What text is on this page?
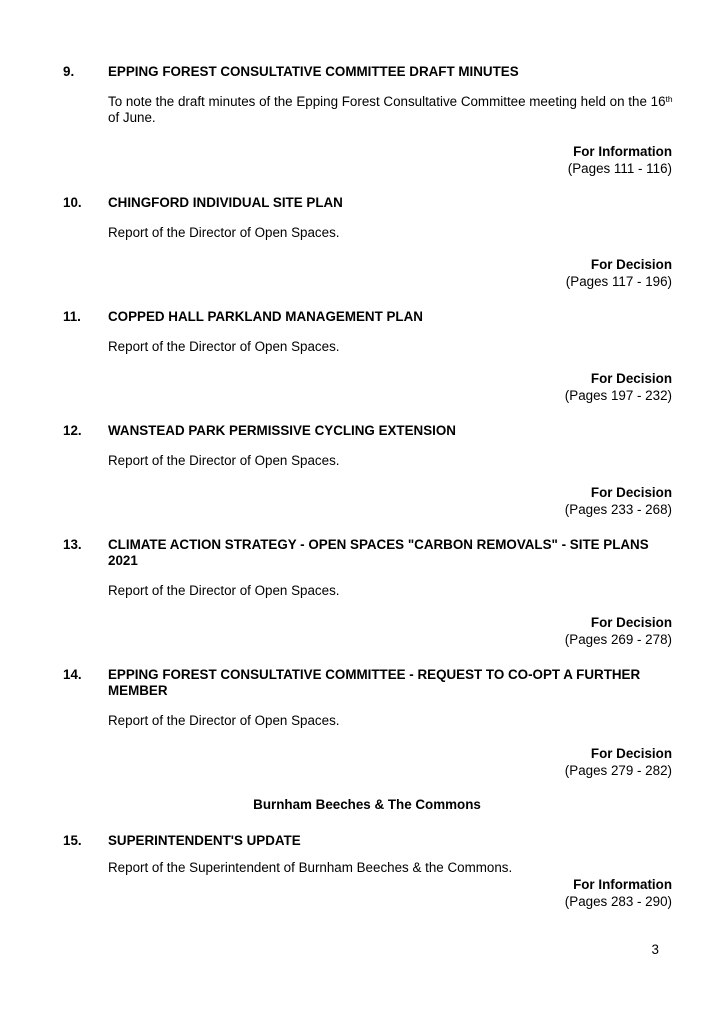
9.	EPPING FOREST CONSULTATIVE COMMITTEE DRAFT MINUTES
To note the draft minutes of the Epping Forest Consultative Committee meeting held on the 16th of June.
For Information
(Pages 111 - 116)
10. CHINGFORD INDIVIDUAL SITE PLAN
Report of the Director of Open Spaces.
For Decision
(Pages 117 - 196)
11. COPPED HALL PARKLAND MANAGEMENT PLAN
Report of the Director of Open Spaces.
For Decision
(Pages 197 - 232)
12. WANSTEAD PARK PERMISSIVE CYCLING EXTENSION
Report of the Director of Open Spaces.
For Decision
(Pages 233 - 268)
13. CLIMATE ACTION STRATEGY - OPEN SPACES "CARBON REMOVALS" - SITE PLANS 2021
Report of the Director of Open Spaces.
For Decision
(Pages 269 - 278)
14. EPPING FOREST CONSULTATIVE COMMITTEE - REQUEST TO CO-OPT A FURTHER MEMBER
Report of the Director of Open Spaces.
For Decision
(Pages 279 - 282)
Burnham Beeches & The Commons
15. SUPERINTENDENT'S UPDATE
Report of the Superintendent of Burnham Beeches & the Commons.
For Information
(Pages 283 - 290)
3
